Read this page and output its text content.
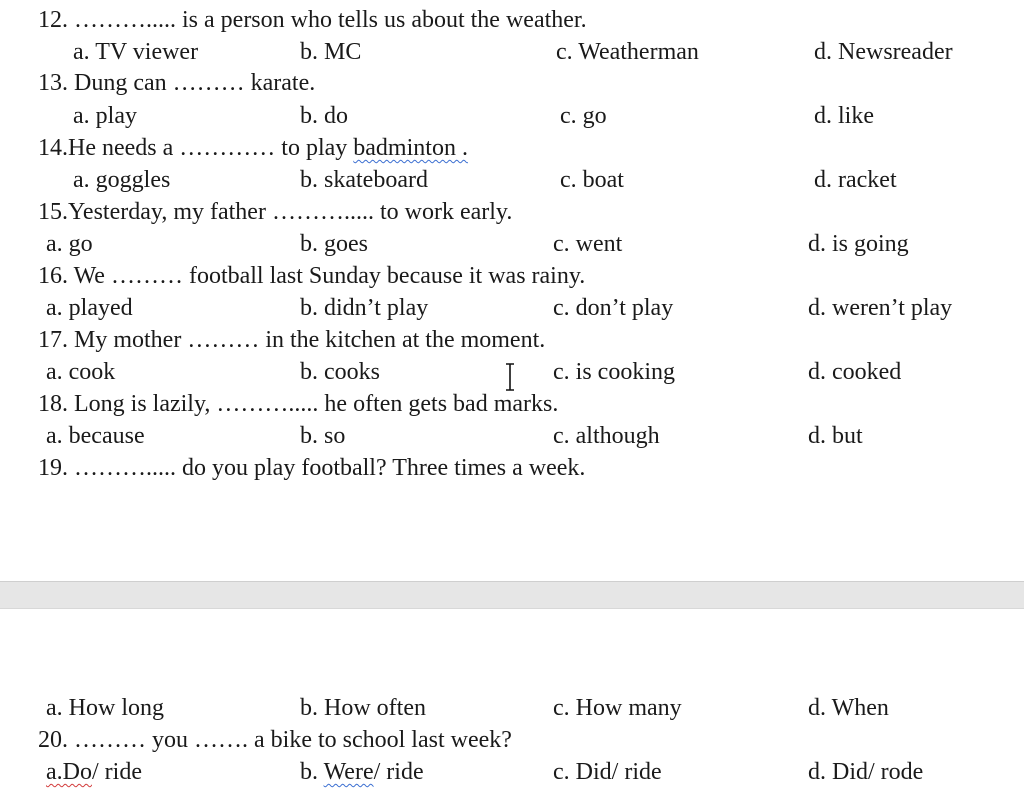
12. ………..... is a person who tells us about the weather.
a. TV viewer	b. MC	c. Weatherman	d. Newsreader
13. Dung can ……… karate.
a. play	b. do	c. go	d. like
14.He needs a ………… to play badminton .
a. goggles	b. skateboard	c. boat	d. racket
15.Yesterday, my father ………..... to work early.
a. go	b. goes	c. went	d. is going
16. We ……… football last Sunday because it was rainy.
a. played	b. didn’t play	c. don’t play	d. weren’t play
17. My mother ……… in the kitchen at the moment.
a. cook	b. cooks	c. is cooking	d. cooked
18. Long is lazily, ………..... he often gets bad marks.
a. because	b. so	c. although	d. but
19. ………..... do you play football? Three times a week.
a. How long	b. How often	c. How many	d. When
20. ……… you ……. a bike to school last week?
a.Do/ ride	b. Were/ ride	c. Did/ ride	d. Did/ rode
